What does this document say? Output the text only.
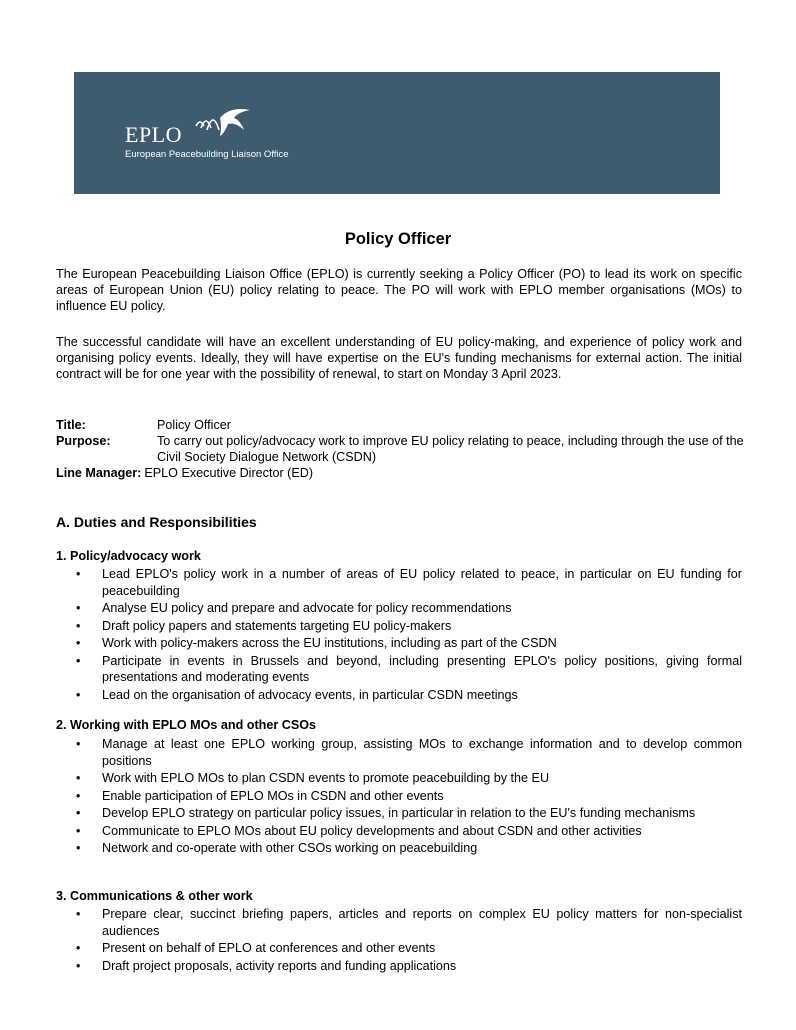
EPLO
European Peacebuilding Liaison Office
Policy Officer

The European Peacebuilding Liaison Office (EPLO) is currently seeking a Policy Officer (PO) to lead its work on specific areas of European Union (EU) policy relating to peace. The PO will work with EPLO member organisations (MOs) to influence EU policy.

The successful candidate will have an excellent understanding of EU policy-making, and experience of policy work and organising policy events. Ideally, they will have expertise on the EU's funding mechanisms for external action. The initial contract will be for one year with the possibility of renewal, to start on Monday 3 April 2023.

Title:	Policy Officer
Purpose:	To carry out policy/advocacy work to improve EU policy relating to peace, including through the use of the Civil Society Dialogue Network (CSDN)
Line Manager: EPLO Executive Director (ED)
A. Duties and Responsibilities
1. Policy/advocacy work
• Lead EPLO's policy work in a number of areas of EU policy related to peace, in particular on EU funding for peacebuilding
• Analyse EU policy and prepare and advocate for policy recommendations
• Draft policy papers and statements targeting EU policy-makers
• Work with policy-makers across the EU institutions, including as part of the CSDN
• Participate in events in Brussels and beyond, including presenting EPLO's policy positions, giving formal presentations and moderating events
• Lead on the organisation of advocacy events, in particular CSDN meetings
2. Working with EPLO MOs and other CSOs
• Manage at least one EPLO working group, assisting MOs to exchange information and to develop common positions
• Work with EPLO MOs to plan CSDN events to promote peacebuilding by the EU
• Enable participation of EPLO MOs in CSDN and other events
• Develop EPLO strategy on particular policy issues, in particular in relation to the EU's funding mechanisms
• Communicate to EPLO MOs about EU policy developments and about CSDN and other activities
• Network and co-operate with other CSOs working on peacebuilding
3. Communications & other work
• Prepare clear, succinct briefing papers, articles and reports on complex EU policy matters for non-specialist audiences
• Present on behalf of EPLO at conferences and other events
• Draft project proposals, activity reports and funding applications
